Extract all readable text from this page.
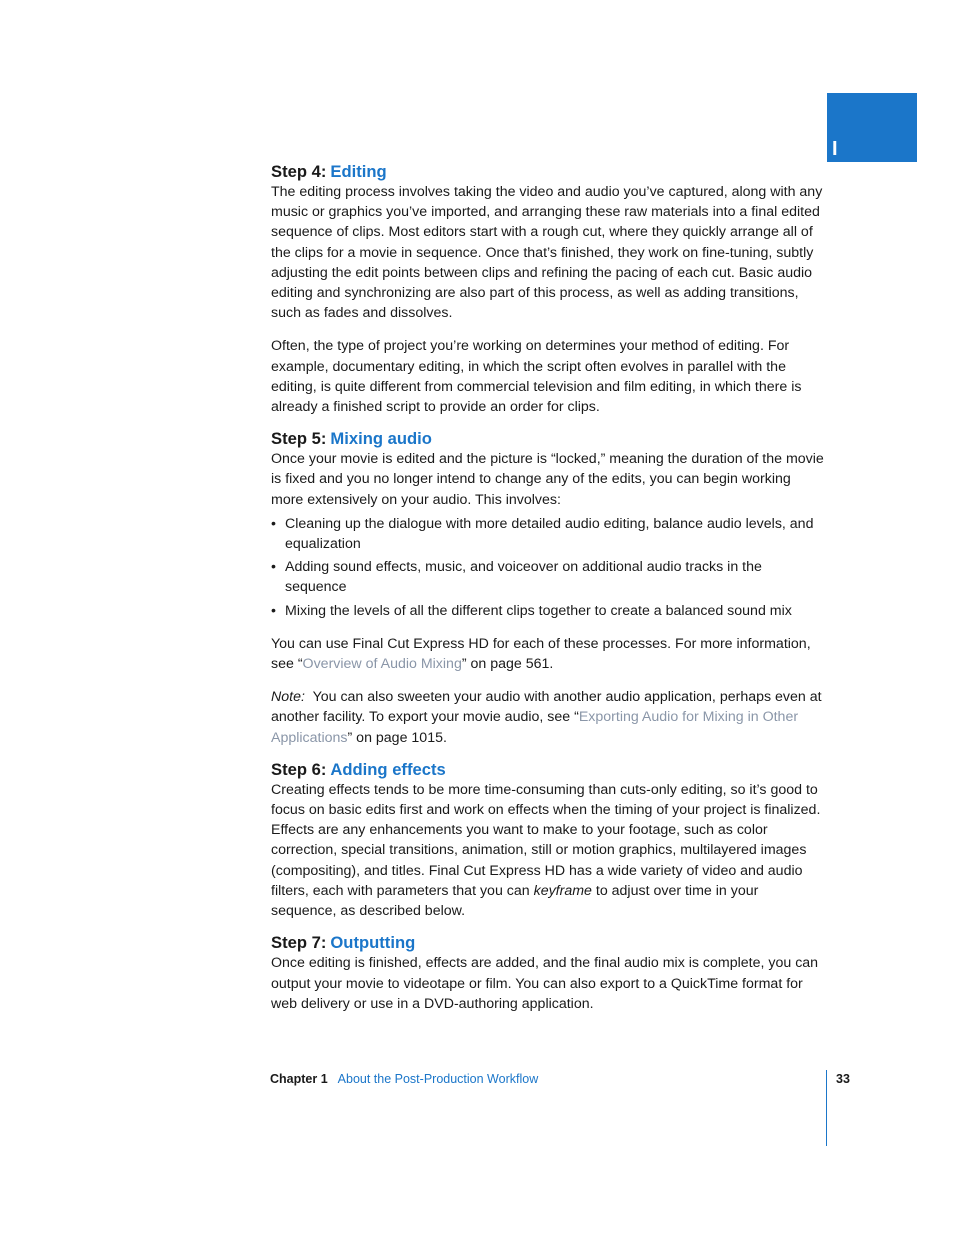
I
Step 4: Editing

The editing process involves taking the video and audio you’ve captured, along with any music or graphics you’ve imported, and arranging these raw materials into a final edited sequence of clips. Most editors start with a rough cut, where they quickly arrange all of the clips for a movie in sequence. Once that’s finished, they work on fine-tuning, subtly adjusting the edit points between clips and refining the pacing of each cut. Basic audio editing and synchronizing are also part of this process, as well as adding transitions, such as fades and dissolves.

Often, the type of project you’re working on determines your method of editing. For example, documentary editing, in which the script often evolves in parallel with the editing, is quite different from commercial television and film editing, in which there is already a finished script to provide an order for clips.

Step 5: Mixing audio

Once your movie is edited and the picture is “locked,” meaning the duration of the movie is fixed and you no longer intend to change any of the edits, you can begin working more extensively on your audio. This involves:

• Cleaning up the dialogue with more detailed audio editing, balance audio levels, and equalization
• Adding sound effects, music, and voiceover on additional audio tracks in the sequence
• Mixing the levels of all the different clips together to create a balanced sound mix

You can use Final Cut Express HD for each of these processes. For more information, see “Overview of Audio Mixing” on page 561.

Note: You can also sweeten your audio with another audio application, perhaps even at another facility. To export your movie audio, see “Exporting Audio for Mixing in Other Applications” on page 1015.

Step 6: Adding effects

Creating effects tends to be more time-consuming than cuts-only editing, so it’s good to focus on basic edits first and work on effects when the timing of your project is finalized. Effects are any enhancements you want to make to your footage, such as color correction, special transitions, animation, still or motion graphics, multilayered images (compositing), and titles. Final Cut Express HD has a wide variety of video and audio filters, each with parameters that you can keyframe to adjust over time in your sequence, as described below.

Step 7: Outputting

Once editing is finished, effects are added, and the final audio mix is complete, you can output your movie to videotape or film. You can also export to a QuickTime format for web delivery or use in a DVD-authoring application.

Chapter 1 About the Post-Production Workflow	33
